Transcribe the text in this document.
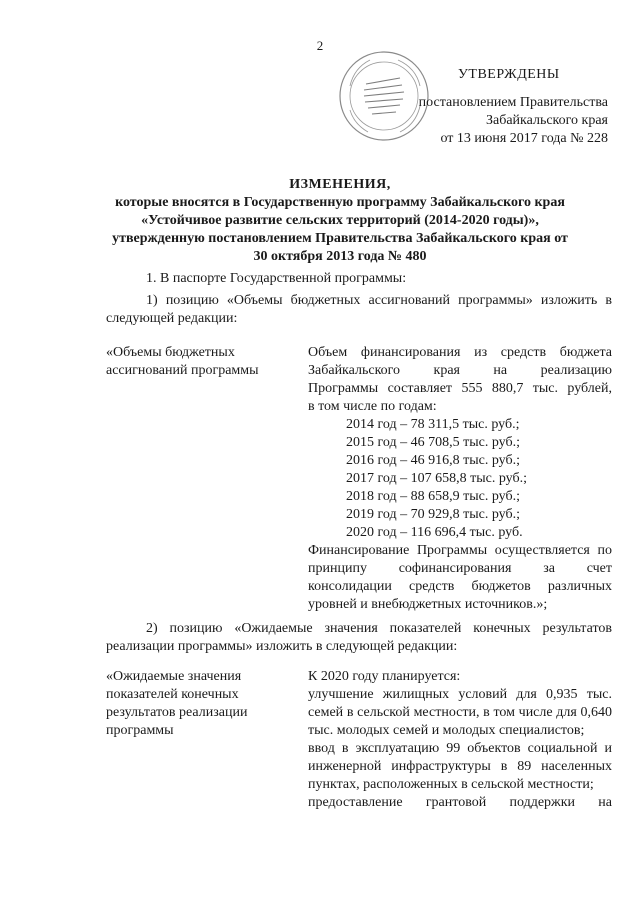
2
УТВЕРЖДЕНЫ
постановлением Правительства
Забайкальского края
от 13 июня 2017 года № 228
ИЗМЕНЕНИЯ,
которые вносятся в Государственную программу Забайкальского края
«Устойчивое развитие сельских территорий (2014-2020 годы)»,
утвержденную постановлением Правительства Забайкальского края от
30 октября 2013 года № 480
1. В паспорте Государственной программы:
1) позицию «Объемы бюджетных ассигнований программы» изложить в следующей редакции:
«Объемы бюджетных ассигнований программы
Объем финансирования из средств бюджета
Забайкальского края на реализацию
Программы составляет 555 880,7 тыс. рублей,
в том числе по годам:
2014 год – 78 311,5 тыс. руб.;
2015 год – 46 708,5 тыс. руб.;
2016 год – 46 916,8 тыс. руб.;
2017 год – 107 658,8 тыс. руб.;
2018 год – 88 658,9 тыс. руб.;
2019 год – 70 929,8 тыс. руб.;
2020 год – 116 696,4 тыс. руб.
Финансирование Программы осуществляется по принципу софинансирования за счет консолидации средств бюджетов различных уровней и внебюджетных источников.»;
2) позицию «Ожидаемые значения показателей конечных результатов реализации программы» изложить в следующей редакции:
«Ожидаемые значения
показателей конечных
результатов реализации
программы
К 2020 году планируется:
улучшение жилищных условий для 0,935 тыс. семей в сельской местности, в том числе для 0,640 тыс. молодых семей и молодых специалистов;
ввод в эксплуатацию 99 объектов социальной и инженерной инфраструктуры в 89 населенных пунктах, расположенных в сельской местности;
предоставление грантовой поддержки на
